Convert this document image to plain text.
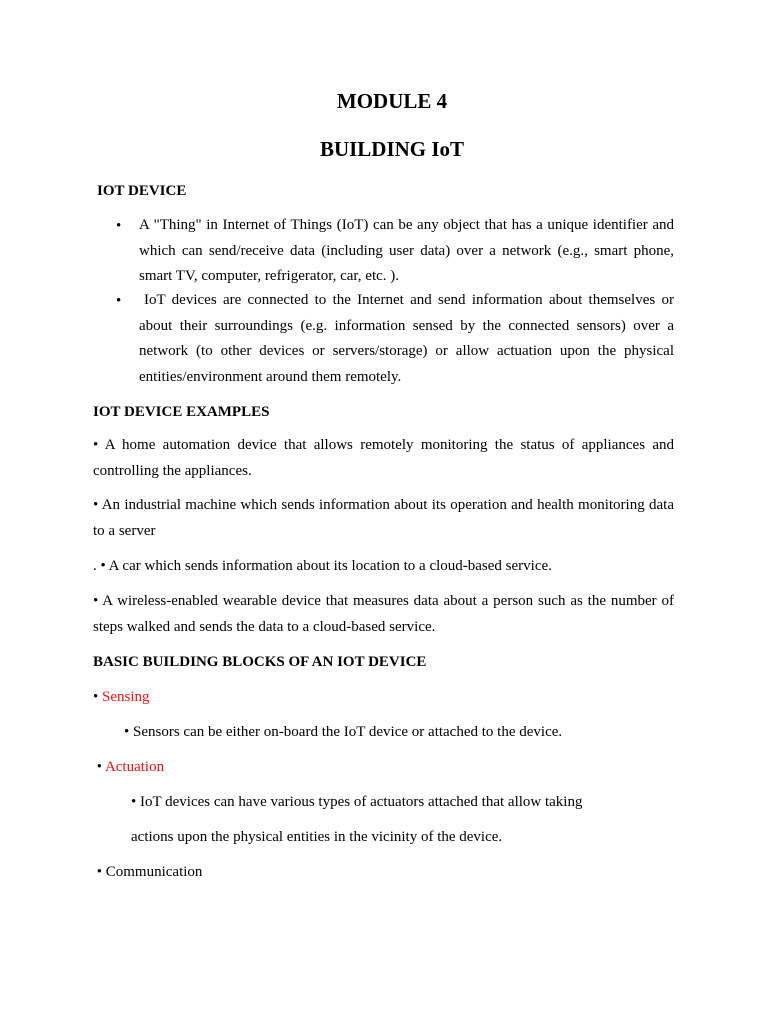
MODULE 4
BUILDING IoT
IOT DEVICE
• A "Thing" in Internet of Things (IoT) can be any object that has a unique identifier and which can send/receive data (including user data) over a network (e.g., smart phone, smart TV, computer, refrigerator, car, etc. ).

•	IoT devices are connected to the Internet and send information about themselves or about their surroundings (e.g. information sensed by the connected sensors) over a network (to other devices or servers/storage) or allow actuation upon the physical entities/environment around them remotely.

IOT DEVICE EXAMPLES

• A home automation device that allows remotely monitoring the status of appliances and controlling the appliances.

• An industrial machine which sends information about its operation and health monitoring data to a server

. • A car which sends information about its location to a cloud-based service.

• A wireless-enabled wearable device that measures data about a person such as the number of steps walked and sends the data to a cloud-based service.

BASIC BUILDING BLOCKS OF AN IOT DEVICE
• Sensing
• Sensors can be either on-board the IoT device or attached to the device.
• Actuation
• IoT devices can have various types of actuators attached that allow taking
actions upon the physical entities in the vicinity of the device.
• Communication
